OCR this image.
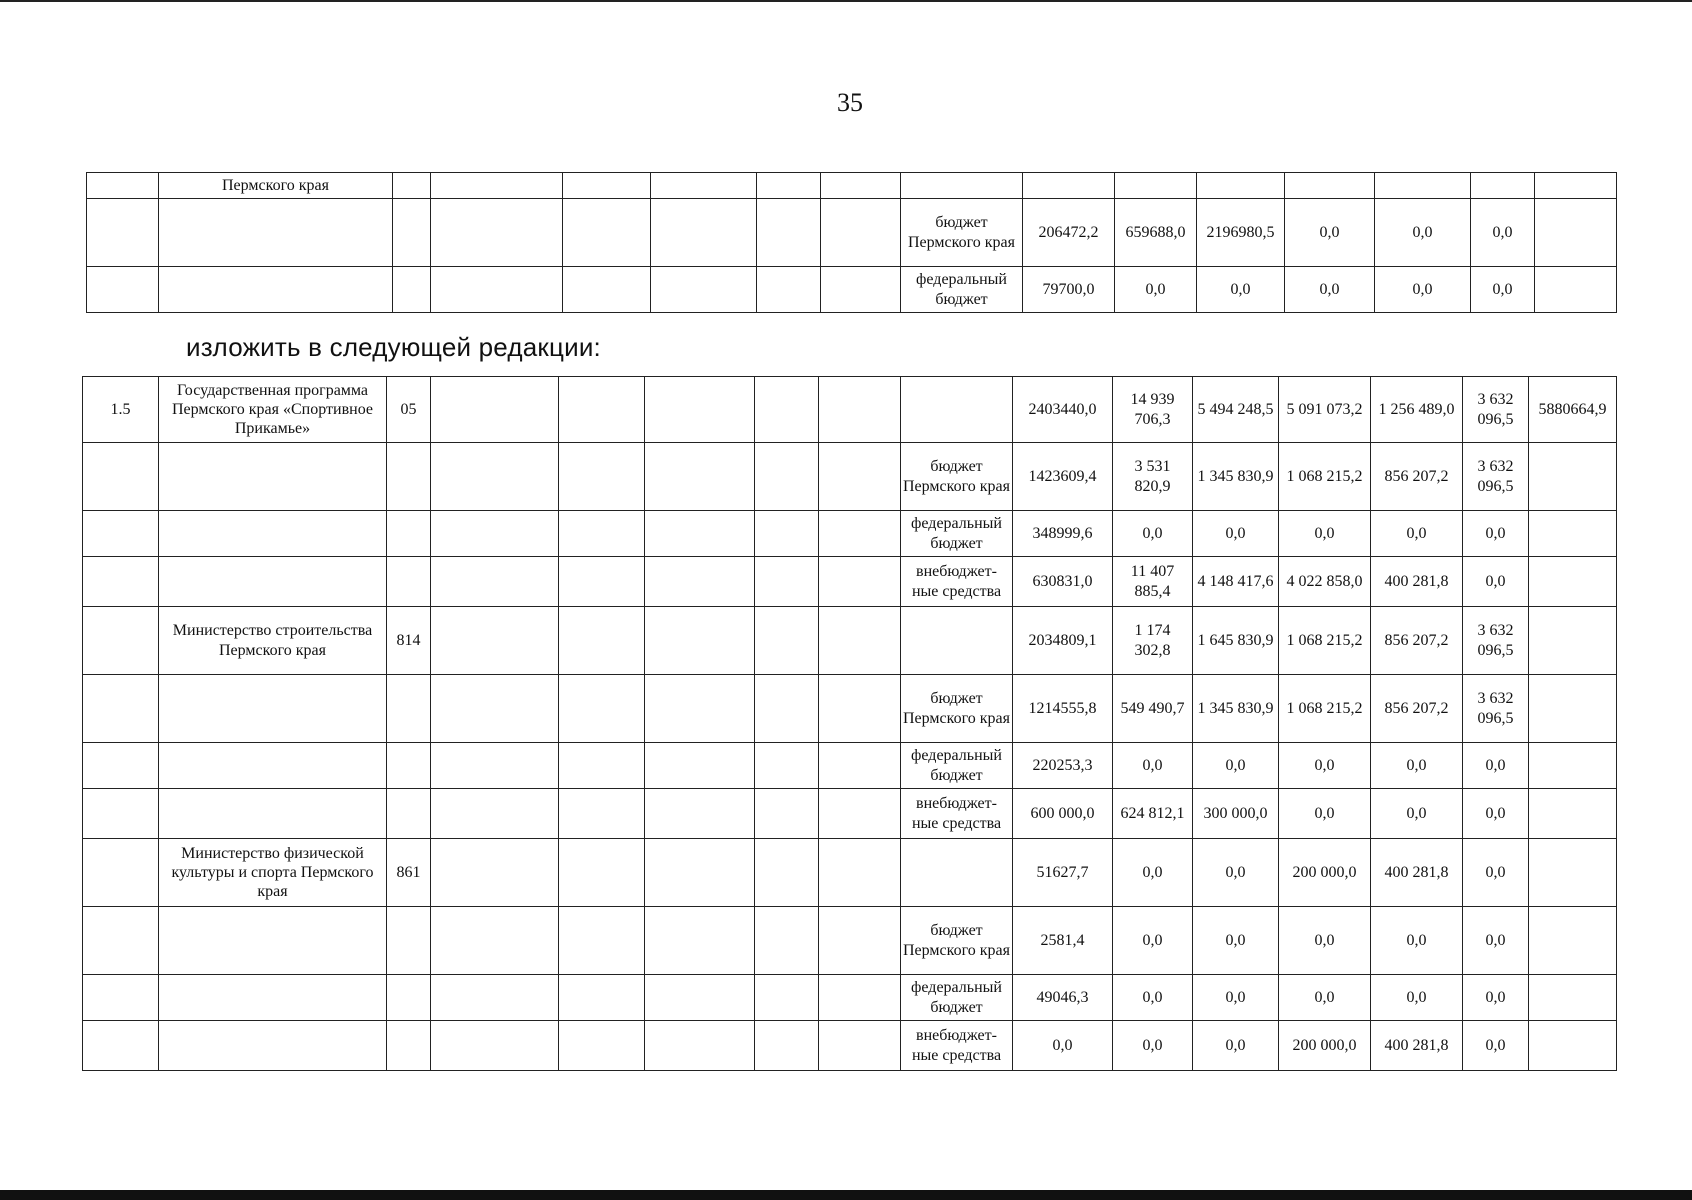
35
	Пермского края														
								бюджет Пермского края	206472,2	659688,0	2196980,5	0,0	0,0	0,0	
								федеральный бюджет	79700,0	0,0	0,0	0,0	0,0	0,0	
изложить в следующей редакции:
1.5	Государственная программа Пермского края «Спортивное Прикамье»	05							2403440,0	14 939 706,3	5 494 248,5	5 091 073,2	1 256 489,0	3 632 096,5	5880664,9
								бюджет Пермского края	1423609,4	3 531 820,9	1 345 830,9	1 068 215,2	856 207,2	3 632 096,5	
								федеральный бюджет	348999,6	0,0	0,0	0,0	0,0	0,0	
								внебюджет-ные средства	630831,0	11 407 885,4	4 148 417,6	4 022 858,0	400 281,8	0,0	
	Министерство строительства Пермского края	814							2034809,1	1 174 302,8	1 645 830,9	1 068 215,2	856 207,2	3 632 096,5	
								бюджет Пермского края	1214555,8	549 490,7	1 345 830,9	1 068 215,2	856 207,2	3 632 096,5	
								федеральный бюджет	220253,3	0,0	0,0	0,0	0,0	0,0	
								внебюджет-ные средства	600 000,0	624 812,1	300 000,0	0,0	0,0	0,0	
	Министерство физической культуры и спорта Пермского края	861							51627,7	0,0	0,0	200 000,0	400 281,8	0,0	
								бюджет Пермского края	2581,4	0,0	0,0	0,0	0,0	0,0	
								федеральный бюджет	49046,3	0,0	0,0	0,0	0,0	0,0	
								внебюджет-ные средства	0,0	0,0	0,0	200 000,0	400 281,8	0,0	
